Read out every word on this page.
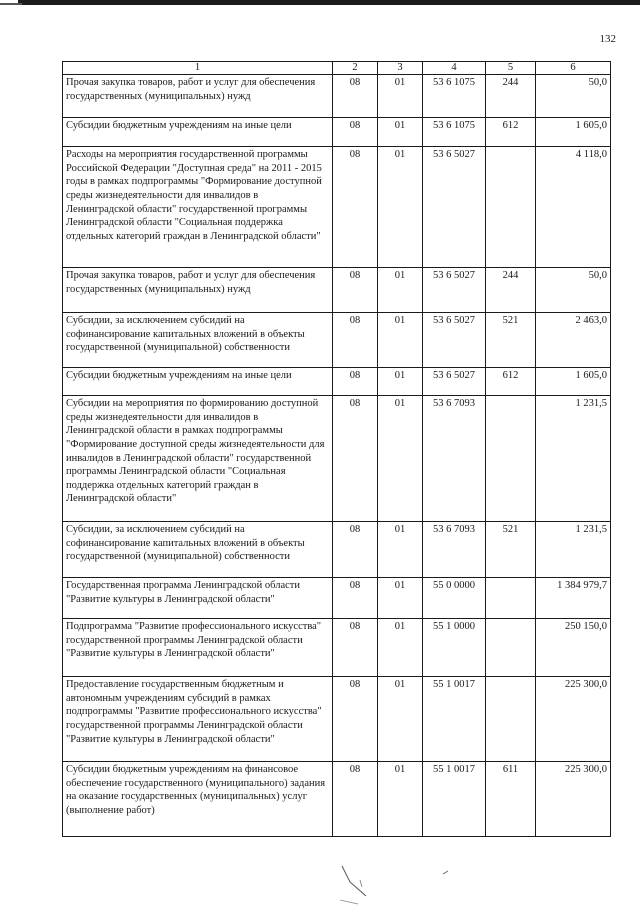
132
1	2	3	4	5	6
Прочая закупка товаров, работ и услуг для обеспечения государственных (муниципальных) нужд	08	01	53 6 1075	244	50,0
Субсидии бюджетным учреждениям на иные цели	08	01	53 6 1075	612	1 605,0
Расходы на мероприятия государственной программы Российской Федерации "Доступная среда" на 2011 - 2015 годы в рамках подпрограммы "Формирование доступной среды жизнедеятельности для инвалидов в Ленинградской области" государственной программы Ленинградской области "Социальная поддержка отдельных категорий граждан в Ленинградской области"	08	01	53 6 5027		4 118,0
Прочая закупка товаров, работ и услуг для обеспечения государственных (муниципальных) нужд	08	01	53 6 5027	244	50,0
Субсидии, за исключением субсидий на софинансирование капитальных вложений в объекты государственной (муниципальной) собственности	08	01	53 6 5027	521	2 463,0
Субсидии бюджетным учреждениям на иные цели	08	01	53 6 5027	612	1 605,0
Субсидии на мероприятия по формированию доступной среды жизнедеятельности для инвалидов в Ленинградской области в рамках подпрограммы "Формирование доступной среды жизнедеятельности для инвалидов в Ленинградской области" государственной программы Ленинградской области "Социальная поддержка отдельных категорий граждан в Ленинградской области"	08	01	53 6 7093		1 231,5
Субсидии, за исключением субсидий на софинансирование капитальных вложений в объекты государственной (муниципальной) собственности	08	01	53 6 7093	521	1 231,5
Государственная программа Ленинградской области "Развитие культуры в Ленинградской области"	08	01	55 0 0000		1 384 979,7
Подпрограмма "Развитие профессионального искусства" государственной программы Ленинградской области "Развитие культуры в Ленинградской области"	08	01	55 1 0000		250 150,0
Предоставление государственным бюджетным и автономным учреждениям субсидий в рамках подпрограммы "Развитие профессионального искусства" государственной программы Ленинградской области "Развитие культуры в Ленинградской области"	08	01	55 1 0017		225 300,0
Субсидии бюджетным учреждениям на финансовое обеспечение государственного (муниципального) задания на оказание государственных (муниципальных) услуг (выполнение работ)	08	01	55 1 0017	611	225 300,0
